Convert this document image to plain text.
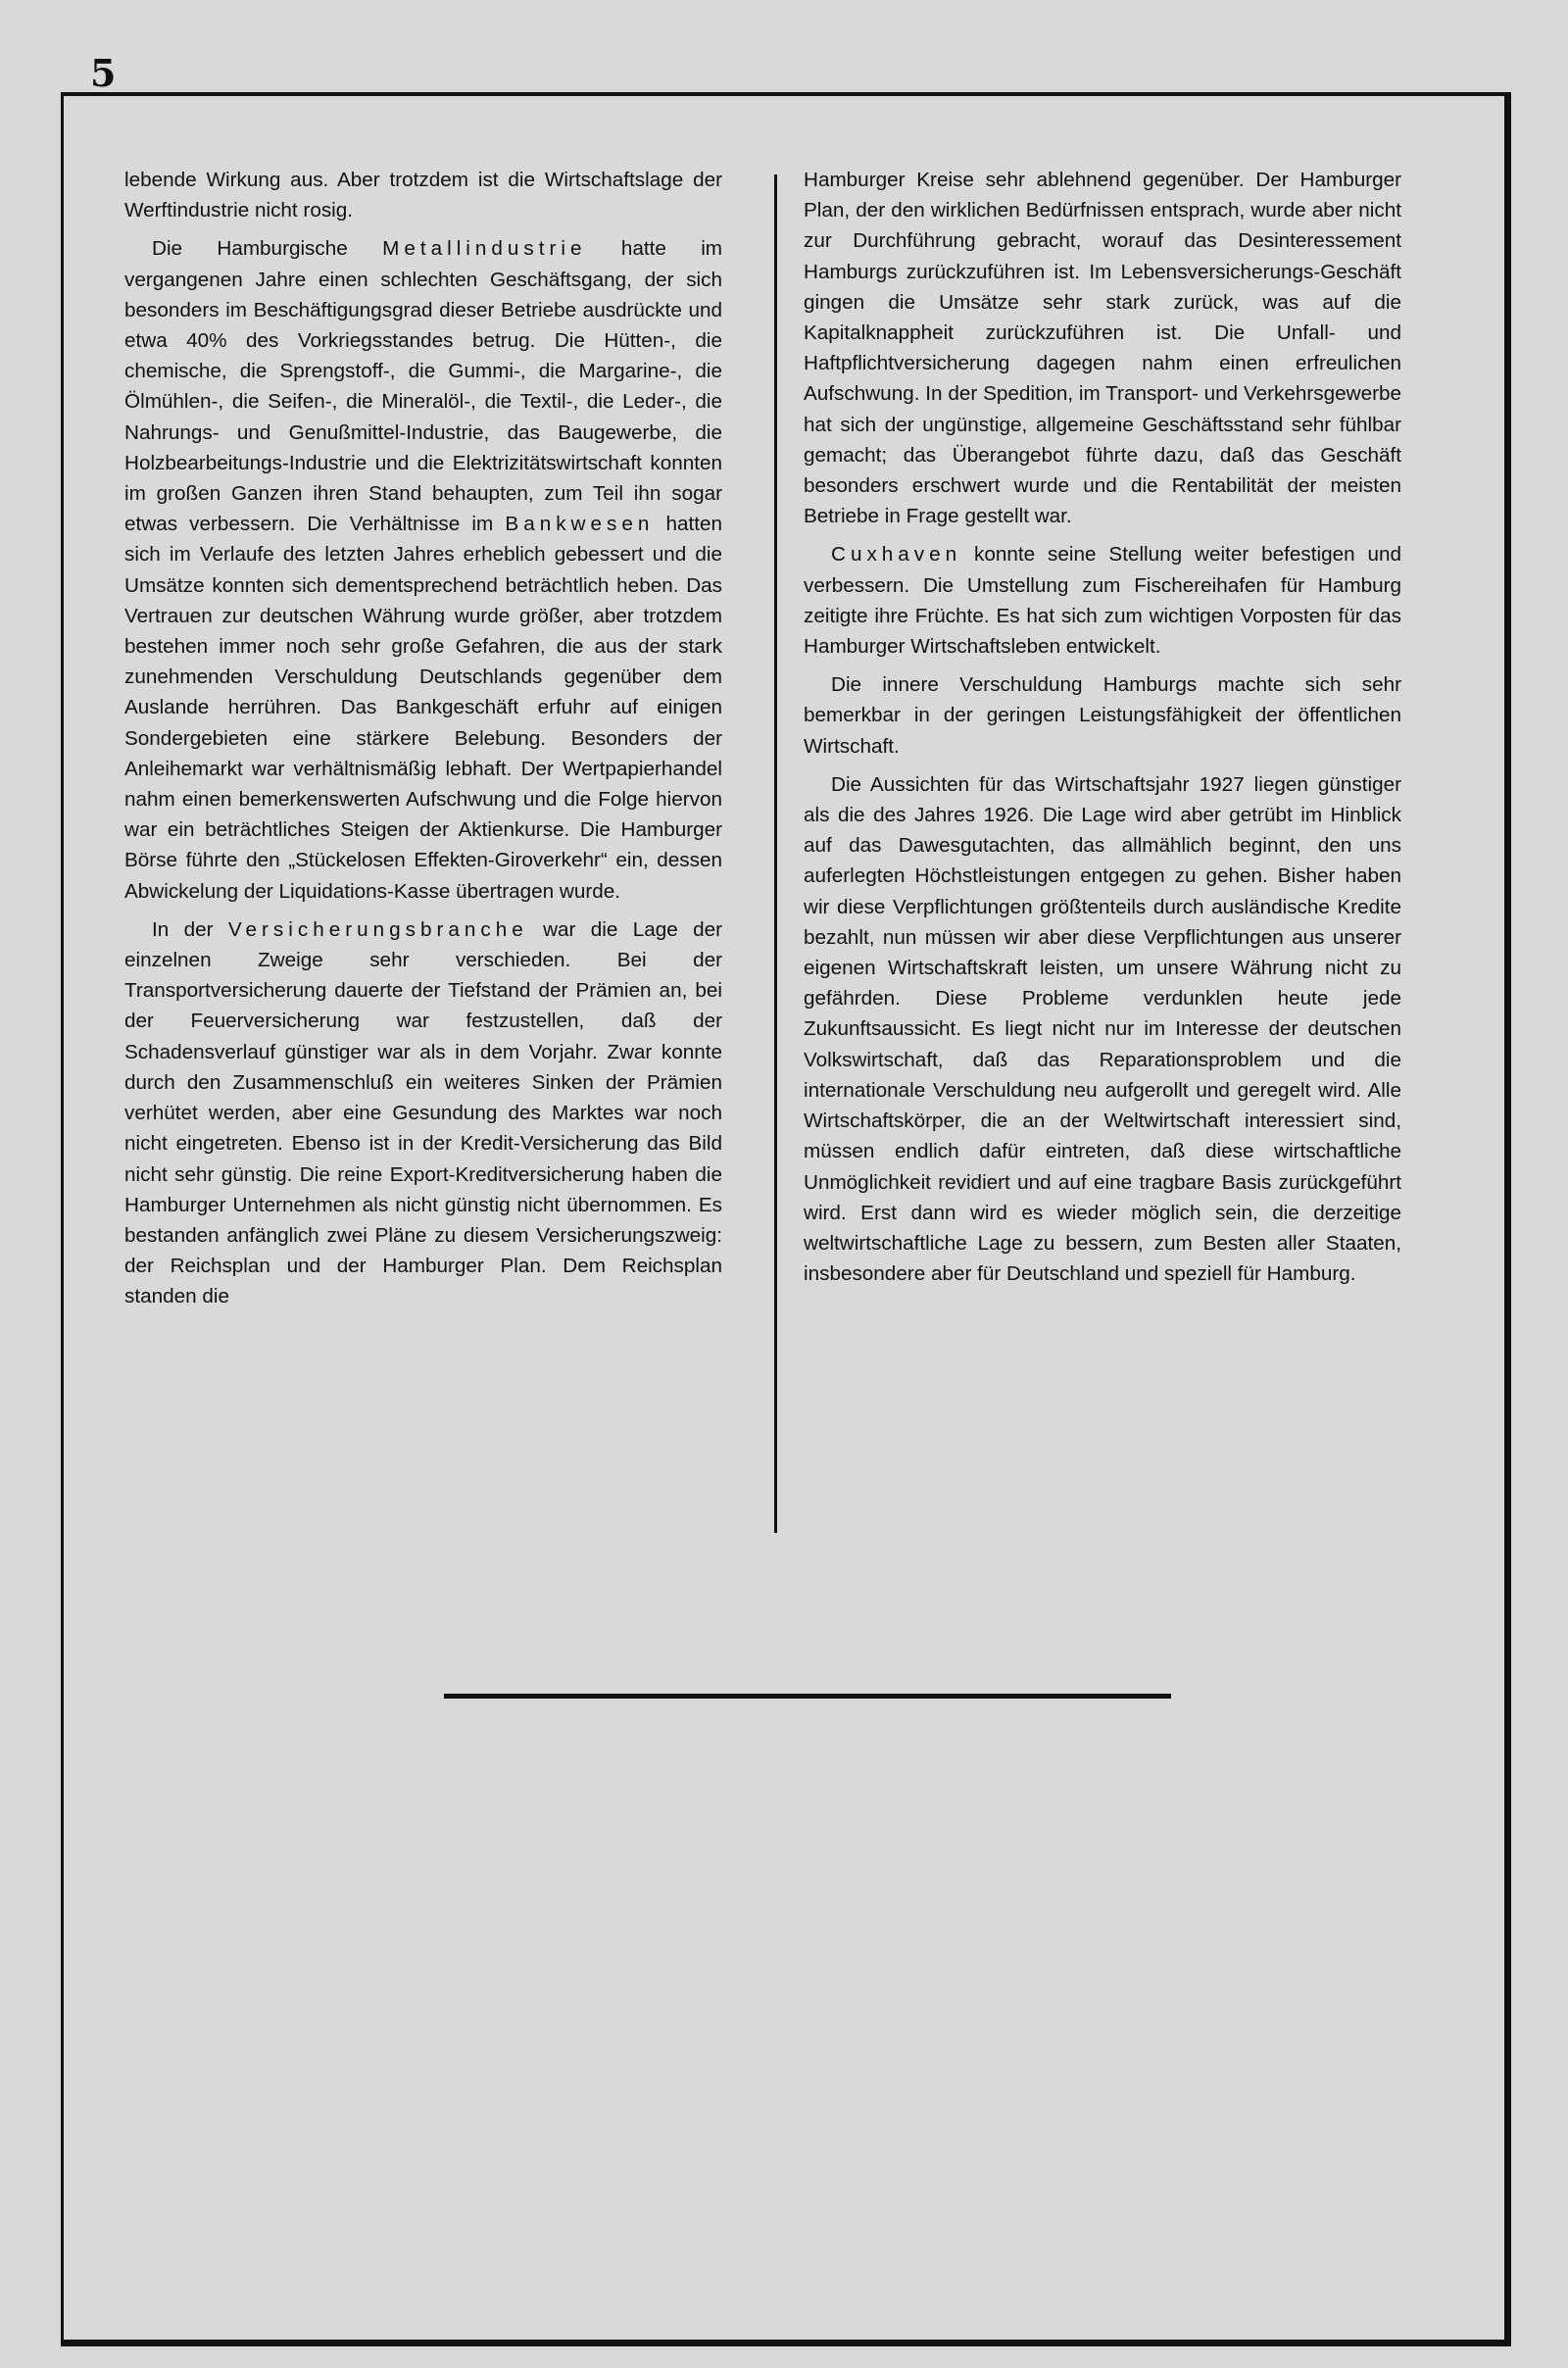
5

lebende Wirkung aus. Aber trotzdem ist die Wirtschaftslage der Werftindustrie nicht rosig.

Die Hamburgische Metallindustrie hatte im vergangenen Jahre einen schlechten Geschäftsgang, der sich besonders im Beschäftigungsgrad dieser Betriebe ausdrückte und etwa 40% des Vorkriegsstandes betrug. Die Hütten-, die chemische, die Sprengstoff-, die Gummi-, die Margarine-, die Ölmühlen-, die Seifen-, die Mineralöl-, die Textil-, die Leder-, die Nahrungs- und Genußmittel-Industrie, das Baugewerbe, die Holzbearbeitungs-Industrie und die Elektrizitätswirtschaft konnten im großen Ganzen ihren Stand behaupten, zum Teil ihn sogar etwas verbessern. Die Verhältnisse im Bankwesen hatten sich im Verlaufe des letzten Jahres erheblich gebessert und die Umsätze konnten sich dementsprechend beträchtlich heben. Das Vertrauen zur deutschen Währung wurde größer, aber trotzdem bestehen immer noch sehr große Gefahren, die aus der stark zunehmenden Verschuldung Deutschlands gegenüber dem Auslande herrühren. Das Bankgeschäft erfuhr auf einigen Sondergebieten eine stärkere Belebung. Besonders der Anleihemarkt war verhältnismäßig lebhaft. Der Wertpapierhandel nahm einen bemerkenswerten Aufschwung und die Folge hiervon war ein beträchtliches Steigen der Aktienkurse. Die Hamburger Börse führte den „Stückelosen Effekten-Giroverkehr“ ein, dessen Abwickelung der Liquidations-Kasse übertragen wurde.

In der Versicherungsbranche war die Lage der einzelnen Zweige sehr verschieden. Bei der Transportversicherung dauerte der Tiefstand der Prämien an, bei der Feuerversicherung war festzustellen, daß der Schadensverlauf günstiger war als in dem Vorjahr. Zwar konnte durch den Zusammenschluß ein weiteres Sinken der Prämien verhütet werden, aber eine Gesundung des Marktes war noch nicht eingetreten. Ebenso ist in der Kredit-Versicherung das Bild nicht sehr günstig. Die reine Export-Kreditversicherung haben die Hamburger Unternehmen als nicht günstig nicht übernommen. Es bestanden anfänglich zwei Pläne zu diesem Versicherungszweig: der Reichsplan und der Hamburger Plan. Dem Reichsplan standen die

Hamburger Kreise sehr ablehnend gegenüber. Der Hamburger Plan, der den wirklichen Bedürfnissen entsprach, wurde aber nicht zur Durchführung gebracht, worauf das Desinteressement Hamburgs zurückzuführen ist. Im Lebensversicherungs-Geschäft gingen die Umsätze sehr stark zurück, was auf die Kapitalknappheit zurückzuführen ist. Die Unfall- und Haftpflichtversicherung dagegen nahm einen erfreulichen Aufschwung. In der Spedition, im Transport- und Verkehrsgewerbe hat sich der ungünstige, allgemeine Geschäftsstand sehr fühlbar gemacht; das Überangebot führte dazu, daß das Geschäft besonders erschwert wurde und die Rentabilität der meisten Betriebe in Frage gestellt war.

Cuxhaven konnte seine Stellung weiter befestigen und verbessern. Die Umstellung zum Fischereihafen für Hamburg zeitigte ihre Früchte. Es hat sich zum wichtigen Vorposten für das Hamburger Wirtschaftsleben entwickelt.

Die innere Verschuldung Hamburgs machte sich sehr bemerkbar in der geringen Leistungsfähigkeit der öffentlichen Wirtschaft.

Die Aussichten für das Wirtschaftsjahr 1927 liegen günstiger als die des Jahres 1926. Die Lage wird aber getrübt im Hinblick auf das Dawesgutachten, das allmählich beginnt, den uns auferlegten Höchstleistungen entgegen zu gehen. Bisher haben wir diese Verpflichtungen größtenteils durch ausländische Kredite bezahlt, nun müssen wir aber diese Verpflichtungen aus unserer eigenen Wirtschaftskraft leisten, um unsere Währung nicht zu gefährden. Diese Probleme verdunklen heute jede Zukunftsaussicht. Es liegt nicht nur im Interesse der deutschen Volkswirtschaft, daß das Reparationsproblem und die internationale Verschuldung neu aufgerollt und geregelt wird. Alle Wirtschaftskörper, die an der Weltwirtschaft interessiert sind, müssen endlich dafür eintreten, daß diese wirtschaftliche Unmöglichkeit revidiert und auf eine tragbare Basis zurückgeführt wird. Erst dann wird es wieder möglich sein, die derzeitige weltwirtschaftliche Lage zu bessern, zum Besten aller Staaten, insbesondere aber für Deutschland und speziell für Hamburg.
